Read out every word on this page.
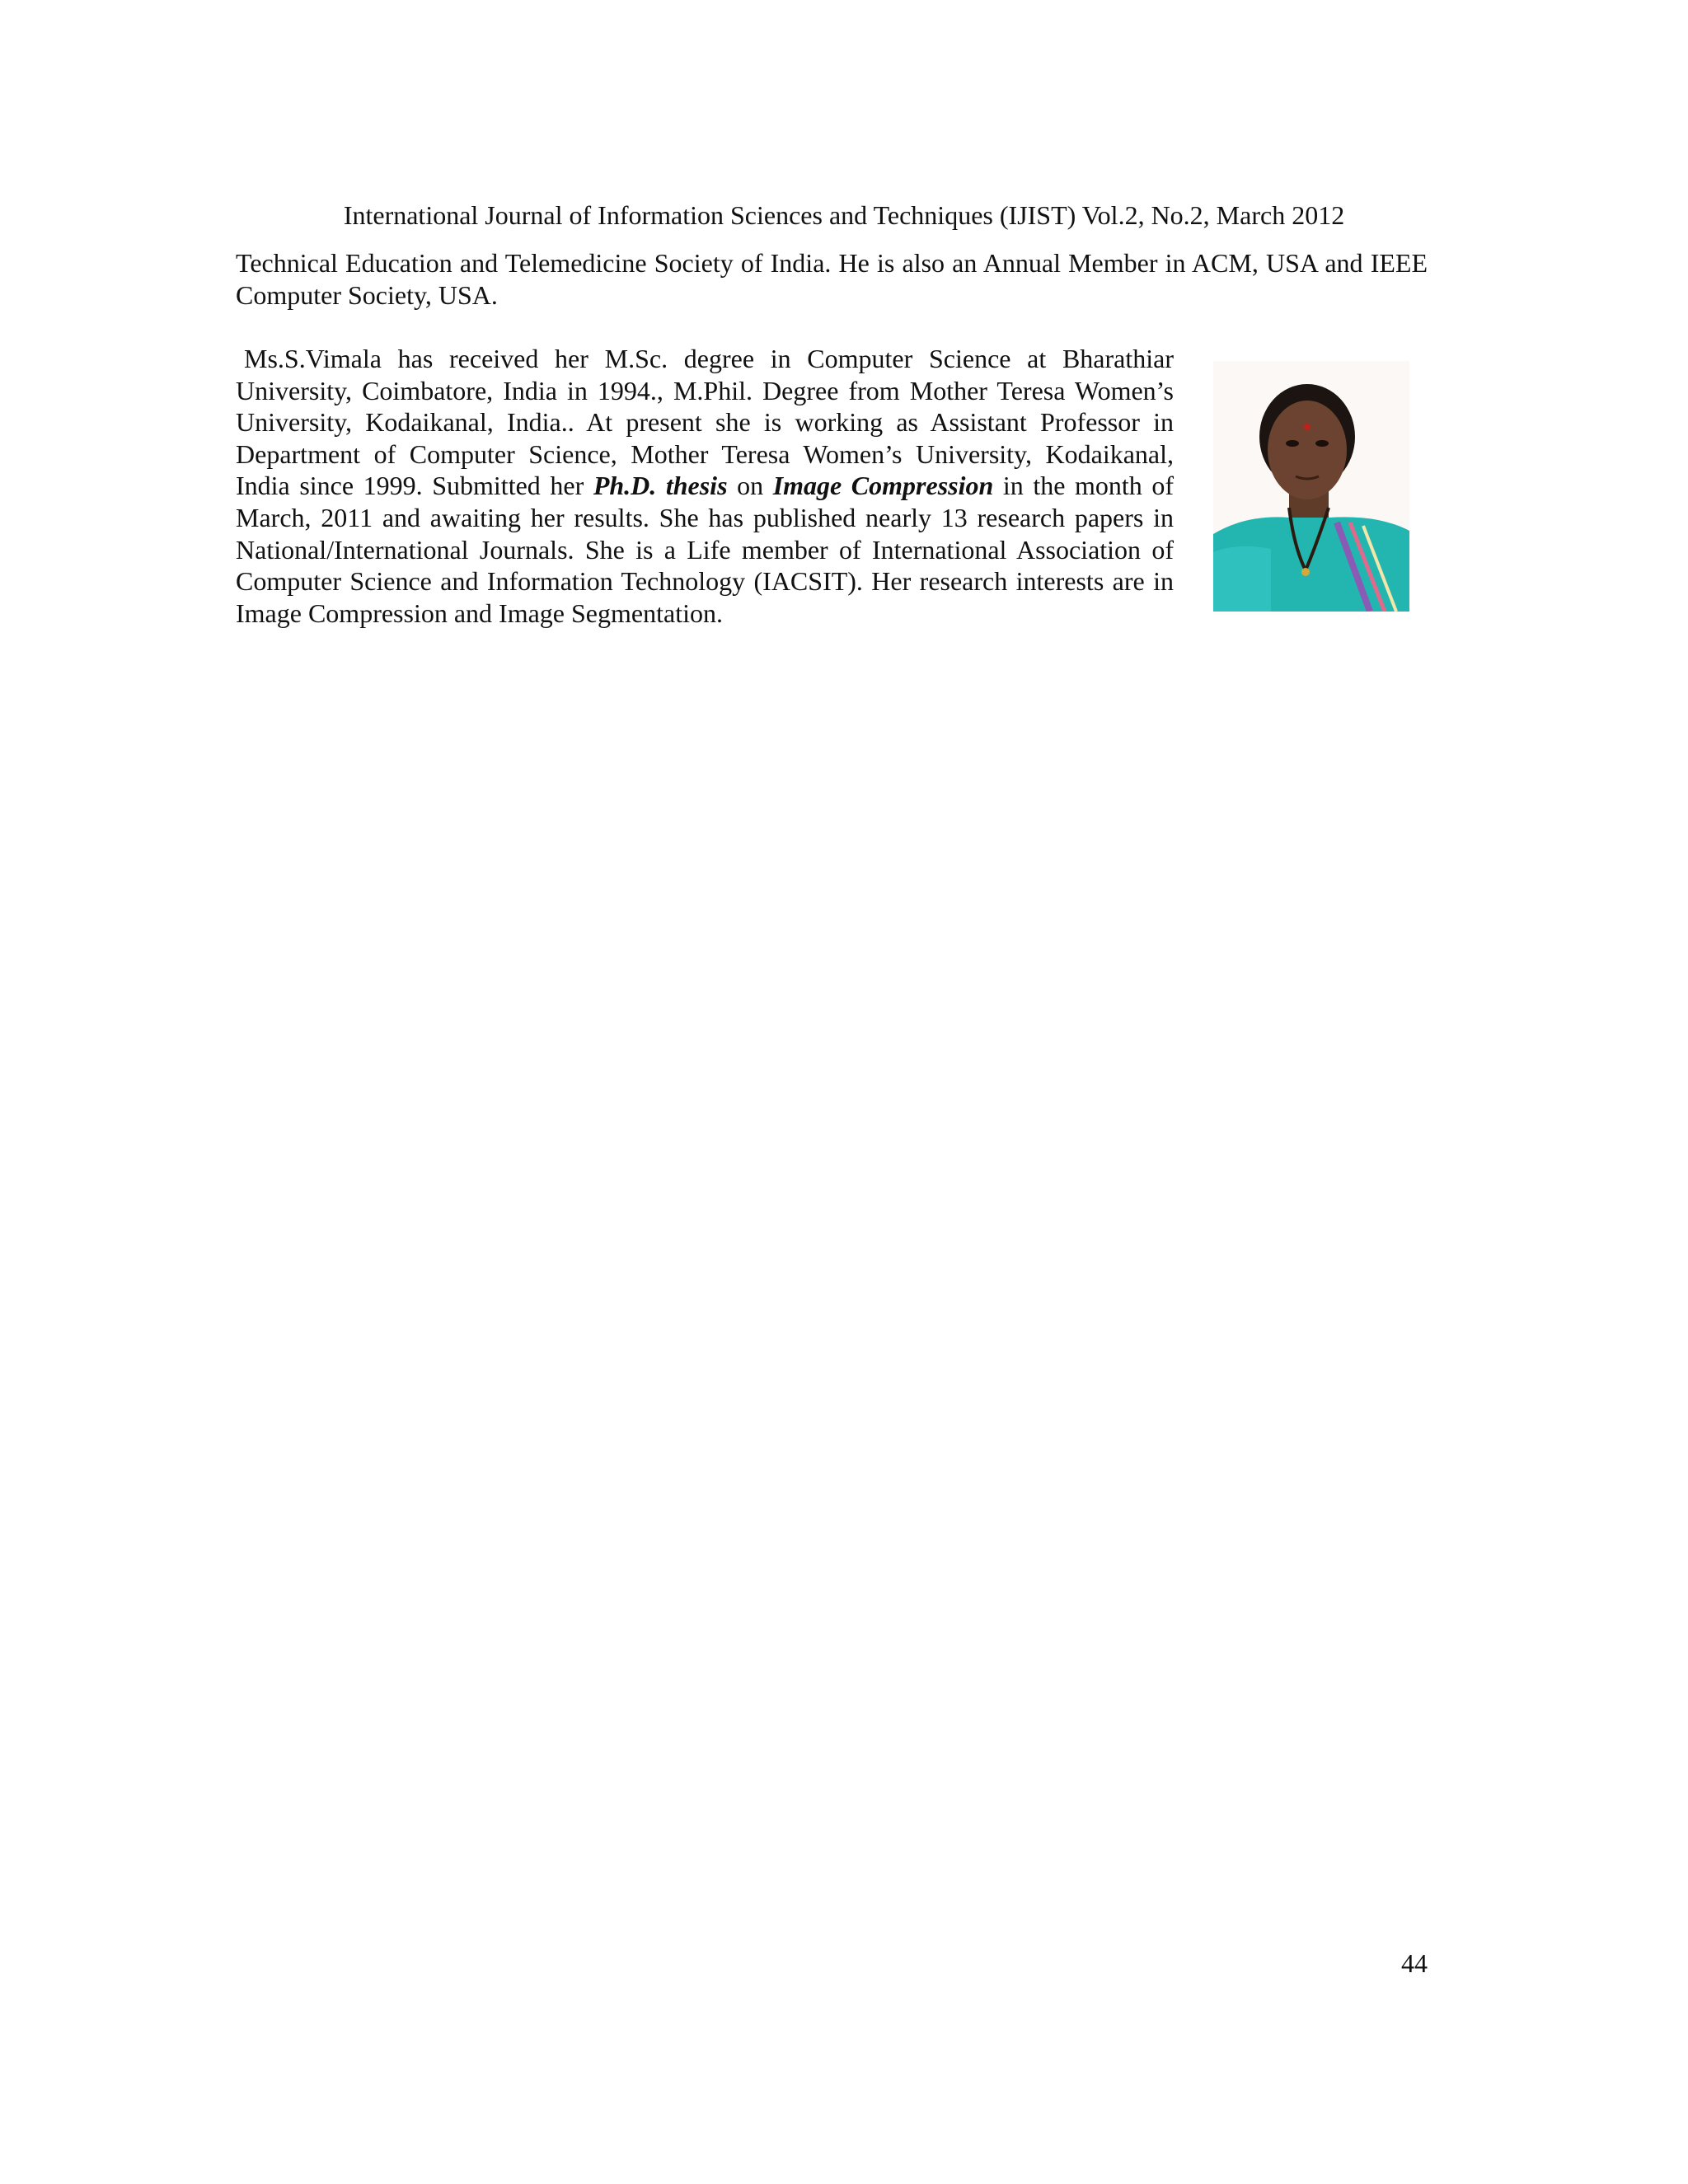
International Journal of Information Sciences and Techniques (IJIST) Vol.2, No.2, March 2012

Technical Education and Telemedicine Society of India. He is also an Annual Member in ACM, USA and IEEE Computer Society, USA.

Ms.S.Vimala has received her M.Sc. degree in Computer Science at Bharathiar University, Coimbatore, India in 1994., M.Phil. Degree from Mother Teresa Women’s University, Kodaikanal, India.. At present she is working as Assistant Professor in Department of Computer Science, Mother Teresa Women’s University, Kodaikanal, India since 1999. Submitted her Ph.D. thesis on Image Compression in the month of March, 2011 and awaiting her results. She has published nearly 13 research papers in National/International Journals. She is a Life member of International Association of Computer Science and Information Technology (IACSIT). Her research interests are in Image Compression and Image Segmentation.

44
